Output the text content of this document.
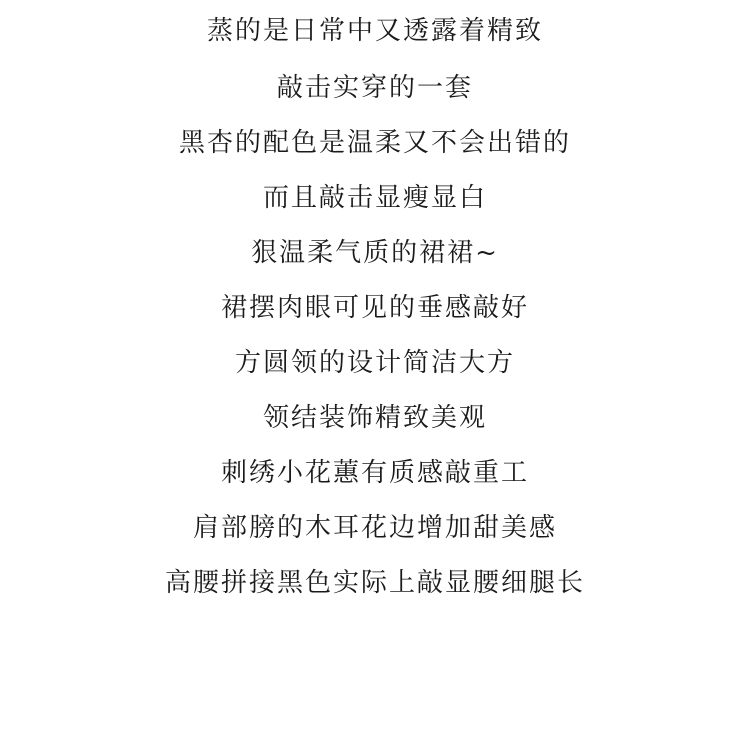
蒸的是日常中又透露着精致
敲击实穿的一套
黑杏的配色是温柔又不会出错的
而且敲击显瘦显白
狠温柔气质的裙裙~
裙摆肉眼可见的垂感敲好
方圆领的设计简洁大方
领结装饰精致美观
刺绣小花蕙有质感敲重工
肩部膀的木耳花边增加甜美感
高腰拼接黑色实际上敲显腰细腿长
